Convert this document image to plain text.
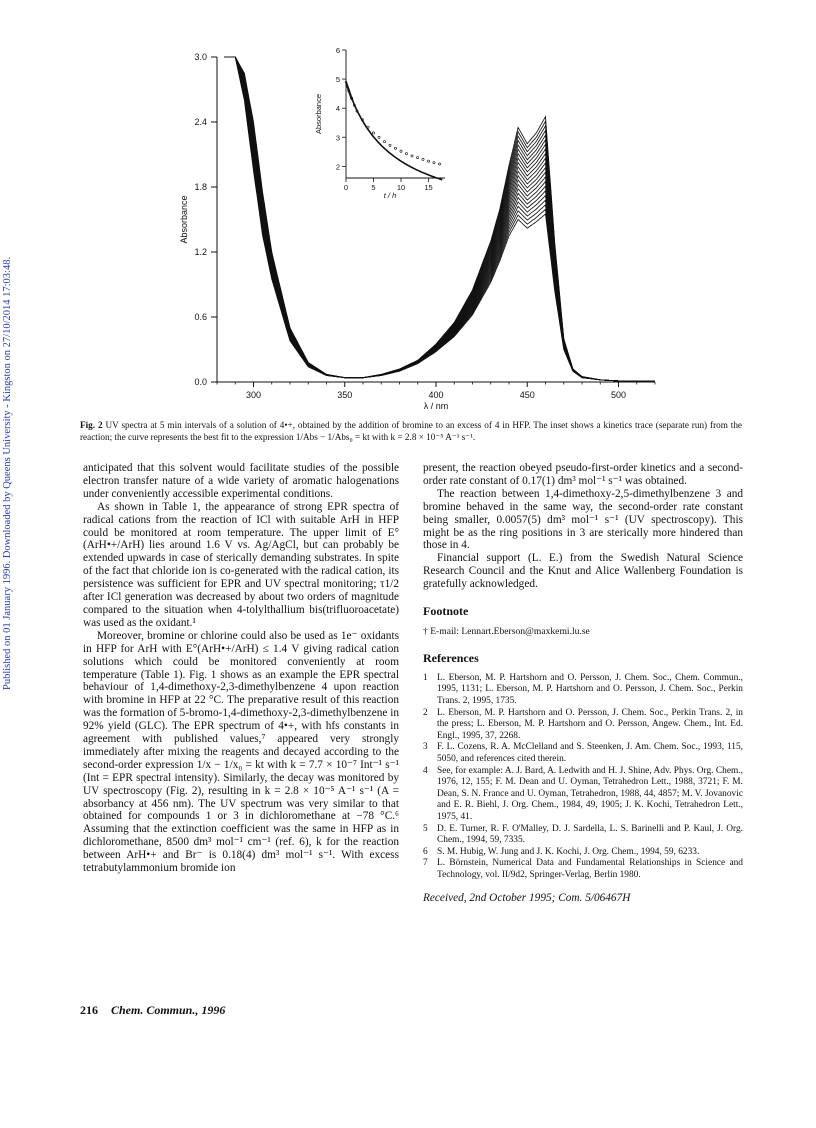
Published on 01 January 1996. Downloaded by Queens University - Kingston on 27/10/2014 17:03:48.	0.0
0.6
1.2
1.8
2.4
3.0
300	350	400	450	500
λ / nm
Absorbance
2
3
4
5
6
0	5	10	15
t / h
Absorbance
Fig. 2 UV spectra at 5 min intervals of a solution of 4•+, obtained by the addition of bromine to an excess of 4 in HFP. The inset shows a kinetics trace (separate run) from the reaction; the curve represents the best fit to the expression 1/Abs − 1/Abs₀ = kt with k = 2.8 × 10⁻⁵ A⁻¹ s⁻¹.

anticipated that this solvent would facilitate studies of the possible electron transfer nature of a wide variety of aromatic halogenations under conveniently accessible experimental conditions.

As shown in Table 1, the appearance of strong EPR spectra of radical cations from the reaction of ICl with suitable ArH in HFP could be monitored at room temperature. The upper limit of E°(ArH•+/ArH) lies around 1.6 V vs. Ag/AgCl, but can probably be extended upwards in case of sterically demanding substrates. In spite of the fact that chloride ion is co-generated with the radical cation, its persistence was sufficient for EPR and UV spectral monitoring; τ1/2 after ICl generation was decreased by about two orders of magnitude compared to the situation when 4-tolylthallium bis(trifluoroacetate) was used as the oxidant.¹

Moreover, bromine or chlorine could also be used as 1e⁻ oxidants in HFP for ArH with E°(ArH•+/ArH) ≤ 1.4 V giving radical cation solutions which could be monitored conveniently at room temperature (Table 1). Fig. 1 shows as an example the EPR spectral behaviour of 1,4-dimethoxy-2,3-dimethylbenzene 4 upon reaction with bromine in HFP at 22 °C. The preparative result of this reaction was the formation of 5-bromo-1,4-dimethoxy-2,3-dimethylbenzene in 92% yield (GLC). The EPR spectrum of 4•+, with hfs constants in agreement with published values,⁷ appeared very strongly immediately after mixing the reagents and decayed according to the second-order expression 1/x − 1/x₀ = kt with k = 7.7 × 10⁻⁷ Int⁻¹ s⁻¹ (Int = EPR spectral intensity). Similarly, the decay was monitored by UV spectroscopy (Fig. 2), resulting in k = 2.8 × 10⁻⁵ A⁻¹ s⁻¹ (A = absorbancy at 456 nm). The UV spectrum was very similar to that obtained for compounds 1 or 3 in dichloromethane at −78 °C.⁶ Assuming that the extinction coefficient was the same in HFP as in dichloromethane, 8500 dm³ mol⁻¹ cm⁻¹ (ref. 6), k for the reaction between ArH•+ and Br⁻ is 0.18(4) dm³ mol⁻¹ s⁻¹. With excess tetrabutylammonium bromide ion

present, the reaction obeyed pseudo-first-order kinetics and a second-order rate constant of 0.17(1) dm³ mol⁻¹ s⁻¹ was obtained.

The reaction between 1,4-dimethoxy-2,5-dimethylbenzene 3 and bromine behaved in the same way, the second-order rate constant being smaller, 0.0057(5) dm³ mol⁻¹ s⁻¹ (UV spectroscopy). This might be as the ring positions in 3 are sterically more hindered than those in 4.

Financial support (L. E.) from the Swedish Natural Science Research Council and the Knut and Alice Wallenberg Foundation is gratefully acknowledged.

Footnote
† E-mail: Lennart.Eberson@maxkemi.lu.se
References
1 L. Eberson, M. P. Hartshorn and O. Persson, J. Chem. Soc., Chem. Commun., 1995, 1131; L. Eberson, M. P. Hartshorn and O. Persson, J. Chem. Soc., Perkin Trans. 2, 1995, 1735.
2 L. Eberson, M. P. Hartshorn and O. Persson, J. Chem. Soc., Perkin Trans. 2, in the press; L. Eberson, M. P. Hartshorn and O. Persson, Angew. Chem., Int. Ed. Engl., 1995, 37, 2268.
3 F. L. Cozens, R. A. McClelland and S. Steenken, J. Am. Chem. Soc., 1993, 115, 5050, and references cited therein.
4 See, for example: A. J. Bard, A. Ledwith and H. J. Shine, Adv. Phys. Org. Chem., 1976, 12, 155; F. M. Dean and U. Oyman, Tetrahedron Lett., 1988, 3721; F. M. Dean, S. N. France and U. Oyman, Tetrahedron, 1988, 44, 4857; M. V. Jovanovic and E. R. Biehl, J. Org. Chem., 1984, 49, 1905; J. K. Kochi, Tetrahedron Lett., 1975, 41.
5 D. E. Turner, R. F. O'Malley, D. J. Sardella, L. S. Barinelli and P. Kaul, J. Org. Chem., 1994, 59, 7335.
6 S. M. Hubig, W. Jung and J. K. Kochi, J. Org. Chem., 1994, 59, 6233.
7 L. Börnstein, Numerical Data and Fundamental Relationships in Science and Technology, vol. II/9d2, Springer-Verlag, Berlin 1980.
Received, 2nd October 1995; Com. 5/06467H
216 Chem. Commun., 1996
